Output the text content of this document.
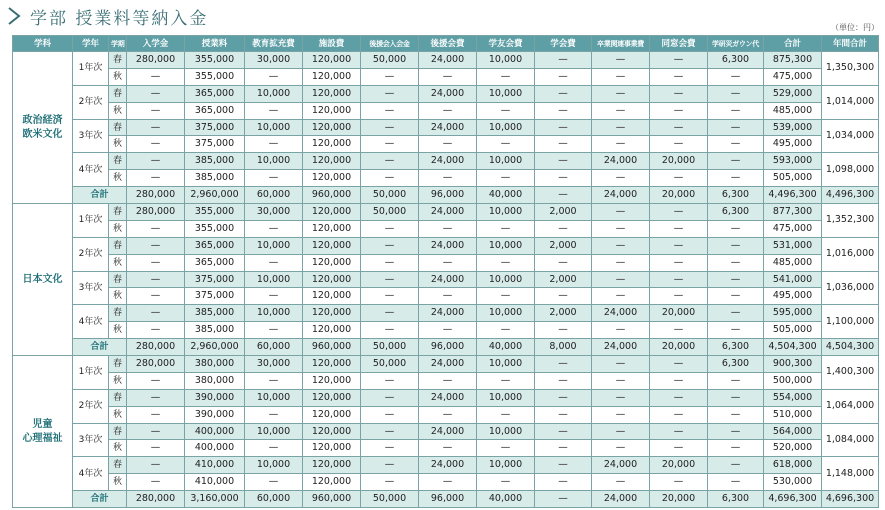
学部 授業料等納入金	（単位：円）
学科	学年	学期	入学金	授業料	教育拡充費	施設費	後援会入会金	後援会費	学友会費	学会費	卒業関連事業費	同窓会費	学研災ガウン代	合計	年間合計
政治経済
欧米文化	1年次	春	280,000	355,000	30,000	120,000	50,000	24,000	10,000	—	—	—	6,300	875,300	1,350,300
		秋	—	355,000	—	120,000	—	—	—	—	—	—	—	475,000	
	2年次	春	—	365,000	10,000	120,000	—	24,000	10,000	—	—	—	—	529,000	1,014,000
		秋	—	365,000	—	120,000	—	—	—	—	—	—	—	485,000	
	3年次	春	—	375,000	10,000	120,000	—	24,000	10,000	—	—	—	—	539,000	1,034,000
		秋	—	375,000	—	120,000	—	—	—	—	—	—	—	495,000	
	4年次	春	—	385,000	10,000	120,000	—	24,000	10,000	—	24,000	20,000	—	593,000	1,098,000
		秋	—	385,000	—	120,000	—	—	—	—	—	—	—	505,000	
	合計		280,000	2,960,000	60,000	960,000	50,000	96,000	40,000	—	24,000	20,000	6,300	4,496,300	4,496,300
日本文化	1年次	春	280,000	355,000	30,000	120,000	50,000	24,000	10,000	2,000	—	—	6,300	877,300	1,352,300
		秋	—	355,000	—	120,000	—	—	—	—	—	—	—	475,000	
	2年次	春	—	365,000	10,000	120,000	—	24,000	10,000	2,000	—	—	—	531,000	1,016,000
		秋	—	365,000	—	120,000	—	—	—	—	—	—	—	485,000	
	3年次	春	—	375,000	10,000	120,000	—	24,000	10,000	2,000	—	—	—	541,000	1,036,000
		秋	—	375,000	—	120,000	—	—	—	—	—	—	—	495,000	
	4年次	春	—	385,000	10,000	120,000	—	24,000	10,000	2,000	24,000	20,000	—	595,000	1,100,000
		秋	—	385,000	—	120,000	—	—	—	—	—	—	—	505,000	
	合計		280,000	2,960,000	60,000	960,000	50,000	96,000	40,000	8,000	24,000	20,000	6,300	4,504,300	4,504,300
児童
心理福祉	1年次	春	280,000	380,000	30,000	120,000	50,000	24,000	10,000	—	—	—	6,300	900,300	1,400,300
		秋	—	380,000	—	120,000	—	—	—	—	—	—	—	500,000	
	2年次	春	—	390,000	10,000	120,000	—	24,000	10,000	—	—	—	—	554,000	1,064,000
		秋	—	390,000	—	120,000	—	—	—	—	—	—	—	510,000	
	3年次	春	—	400,000	10,000	120,000	—	24,000	10,000	—	—	—	—	564,000	1,084,000
		秋	—	400,000	—	120,000	—	—	—	—	—	—	—	520,000	
	4年次	春	—	410,000	10,000	120,000	—	24,000	10,000	—	24,000	20,000	—	618,000	1,148,000
		秋	—	410,000	—	120,000	—	—	—	—	—	—	—	530,000	
	合計		280,000	3,160,000	60,000	960,000	50,000	96,000	40,000	—	24,000	20,000	6,300	4,696,300	4,696,300
